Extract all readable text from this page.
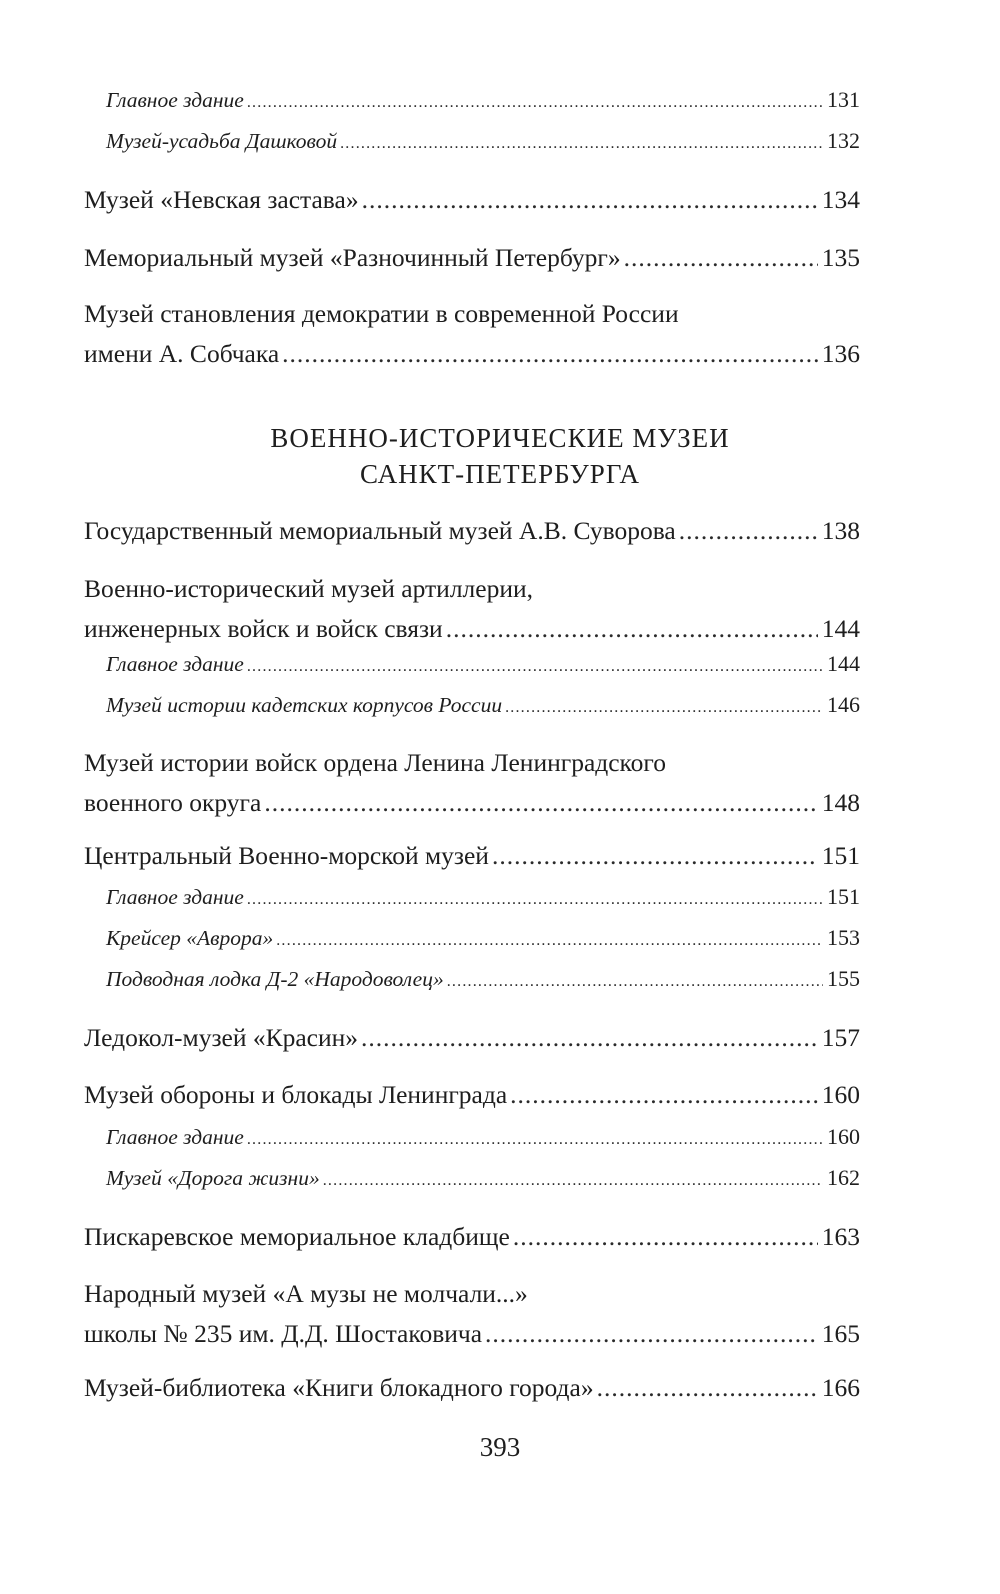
Главное здание .....	131
Музей-усадьба Дашковой .....	132
Музей «Невская застава» .....	134
Мемориальный музей «Разночинный Петербург» .....	135
Музей становления демократии в современной России
имени А. Собчака .....	136
ВОЕННО-ИСТОРИЧЕСКИЕ МУЗЕИ
САНКТ-ПЕТЕРБУРГА
Государственный мемориальный музей А.В. Суворова .....	138
Военно-исторический музей артиллерии,
инженерных войск и войск связи .....	144
Главное здание .....	144
Музей истории кадетских корпусов России .....	146
Музей истории войск ордена Ленина Ленинградского
военного округа .....	148
Центральный Военно-морской музей .....	151
Главное здание .....	151
Крейсер «Аврора» .....	153
Подводная лодка Д-2 «Народоволец» .....	155
Ледокол-музей «Красин» .....	157
Музей обороны и блокады Ленинграда .....	160
Главное здание .....	160
Музей «Дорога жизни» .....	162
Пискаревское мемориальное кладбище .....	163
Народный музей «А музы не молчали...»
школы № 235 им. Д.Д. Шостаковича .....	165
Музей-библиотека «Книги блокадного города» .....	166
393
